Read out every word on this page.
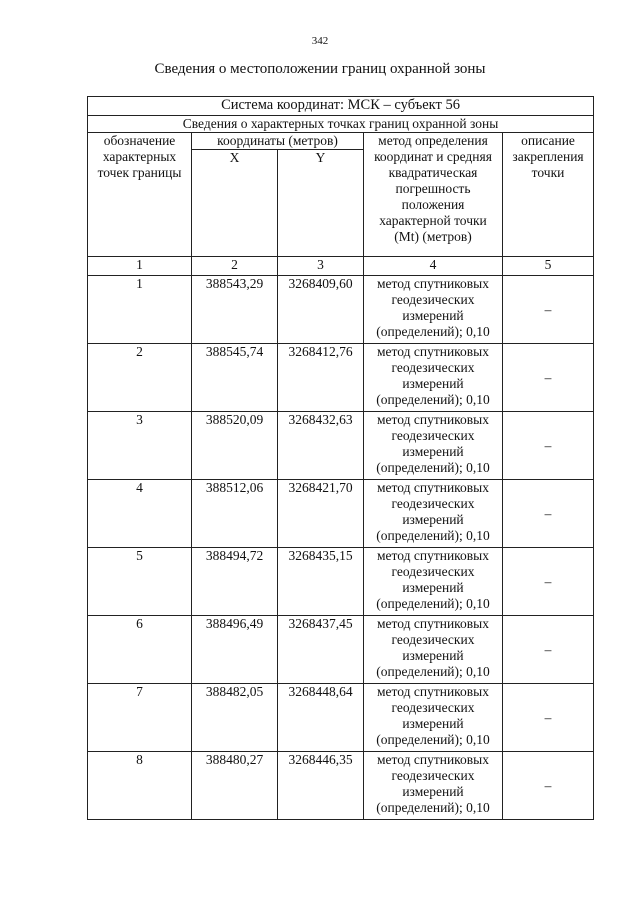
342
Сведения о местоположении границ охранной зоны
Система координат: МСК – субъект 56				
Сведения о характерных точках границ охранной зоны				
обозначение характерных точек границы	координаты (метров)		метод определения координат и средняя квадратическая погрешность положения характерной точки (Mt) (метров)	описание закрепления точки
	X	Y		
1	2	3	4	5
1	388543,29	3268409,60	метод спутниковых геодезических измерений (определений); 0,10	–
2	388545,74	3268412,76	метод спутниковых геодезических измерений (определений); 0,10	–
3	388520,09	3268432,63	метод спутниковых геодезических измерений (определений); 0,10	–
4	388512,06	3268421,70	метод спутниковых геодезических измерений (определений); 0,10	–
5	388494,72	3268435,15	метод спутниковых геодезических измерений (определений); 0,10	–
6	388496,49	3268437,45	метод спутниковых геодезических измерений (определений); 0,10	–
7	388482,05	3268448,64	метод спутниковых геодезических измерений (определений); 0,10	–
8	388480,27	3268446,35	метод спутниковых геодезических измерений (определений); 0,10	–
